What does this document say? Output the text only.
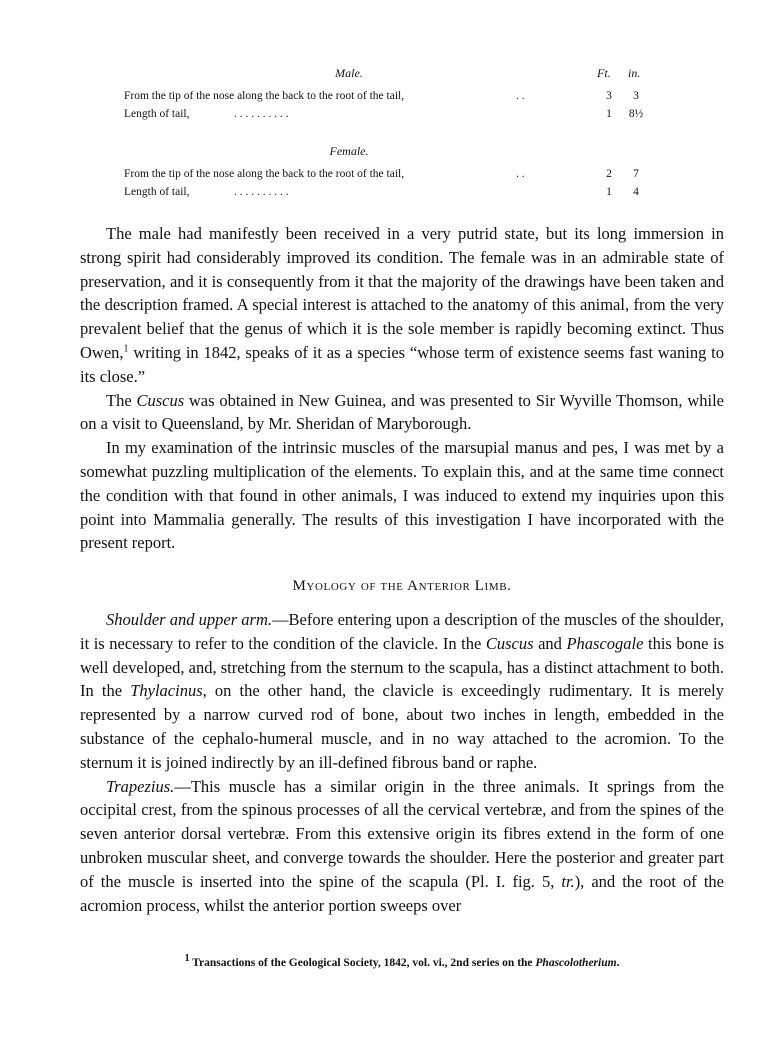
Male.	Ft. in.
From the tip of the nose along the back to the root of the tail,	. .	3	3
Length of tail,	. . . . . . . . . .	1 8½
Female.
From the tip of the nose along the back to the root of the tail,	. .	2	7
Length of tail,	. . . . . . . . . .	1	4

The male had manifestly been received in a very putrid state, but its long immersion in strong spirit had considerably improved its condition. The female was in an admirable state of preservation, and it is consequently from it that the majority of the drawings have been taken and the description framed. A special interest is attached to the anatomy of this animal, from the very prevalent belief that the genus of which it is the sole member is rapidly becoming extinct. Thus Owen,$^1$ writing in 1842, speaks of it as a species “whose term of existence seems fast waning to its close.”

The Cuscus was obtained in New Guinea, and was presented to Sir Wyville Thomson, while on a visit to Queensland, by Mr. Sheridan of Maryborough.

In my examination of the intrinsic muscles of the marsupial manus and pes, I was met by a somewhat puzzling multiplication of the elements. To explain this, and at the same time connect the condition with that found in other animals, I was induced to extend my inquiries upon this point into Mammalia generally. The results of this investigation I have incorporated with the present report.

Myology of the Anterior Limb.

Shoulder and upper arm.—Before entering upon a description of the muscles of the shoulder, it is necessary to refer to the condition of the clavicle. In the Cuscus and Phascogale this bone is well developed, and, stretching from the sternum to the scapula, has a distinct attachment to both. In the Thylacinus, on the other hand, the clavicle is exceedingly rudimentary. It is merely represented by a narrow curved rod of bone, about two inches in length, embedded in the substance of the cephalo-humeral muscle, and in no way attached to the acromion. To the sternum it is joined indirectly by an ill-defined fibrous band or raphe.

Trapezius.—This muscle has a similar origin in the three animals. It springs from the occipital crest, from the spinous processes of all the cervical vertebræ, and from the spines of the seven anterior dorsal vertebræ. From this extensive origin its fibres extend in the form of one unbroken muscular sheet, and converge towards the shoulder. Here the posterior and greater part of the muscle is inserted into the spine of the scapula (Pl. I. fig. 5, tr.), and the root of the acromion process, whilst the anterior portion sweeps over

$^1$ Transactions of the Geological Society, 1842, vol. vi., 2nd series on the Phascolotherium.
